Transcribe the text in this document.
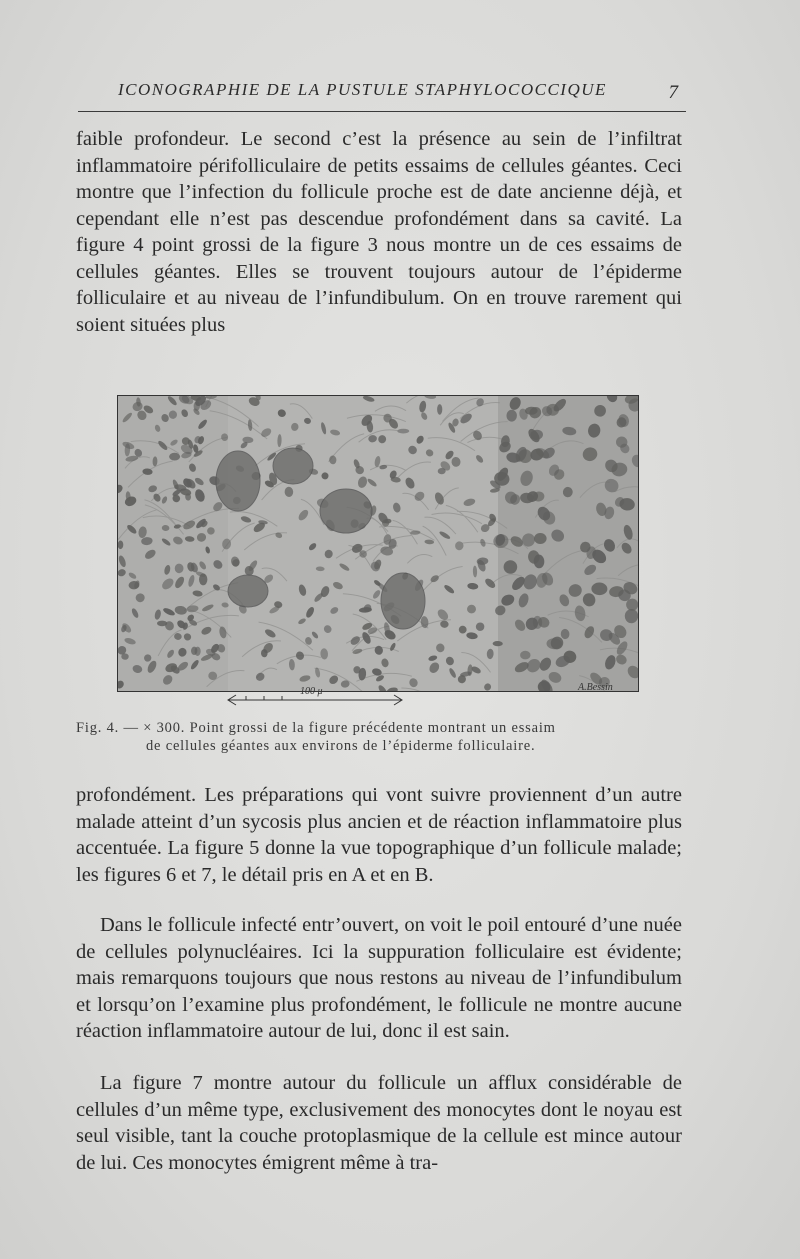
ICONOGRAPHIE DE LA PUSTULE STAPHYLOCOCCIQUE	7

faible profondeur. Le second c’est la présence au sein de l’infiltrat inflammatoire périfolliculaire de petits essaims de cellules géantes. Ceci montre que l’infection du follicule proche est de date ancienne déjà, et cependant elle n’est pas descendue profondément dans sa cavité. La figure 4 point grossi de la figure 3 nous montre un de ces essaims de cellules géantes. Elles se trouvent toujours autour de l’épiderme folliculaire et au niveau de l’infundibulum. On en trouve rarement qui soient situées plus

100 μ	A.Bessin
Fig. 4. — × 300. Point grossi de la figure précédente montrant un essaim
de cellules géantes aux environs de l’épiderme folliculaire.

profondément. Les préparations qui vont suivre proviennent d’un autre malade atteint d’un sycosis plus ancien et de réaction inflammatoire plus accentuée. La figure 5 donne la vue topographique d’un follicule malade; les figures 6 et 7, le détail pris en A et en B.

Dans le follicule infecté entr’ouvert, on voit le poil entouré d’une nuée de cellules polynucléaires. Ici la suppuration folliculaire est évidente; mais remarquons toujours que nous restons au niveau de l’infundibulum et lorsqu’on l’examine plus profondément, le follicule ne montre aucune réaction inflammatoire autour de lui, donc il est sain.

La figure 7 montre autour du follicule un afflux considérable de cellules d’un même type, exclusivement des monocytes dont le noyau est seul visible, tant la couche protoplasmique de la cellule est mince autour de lui. Ces monocytes émigrent même à tra-
